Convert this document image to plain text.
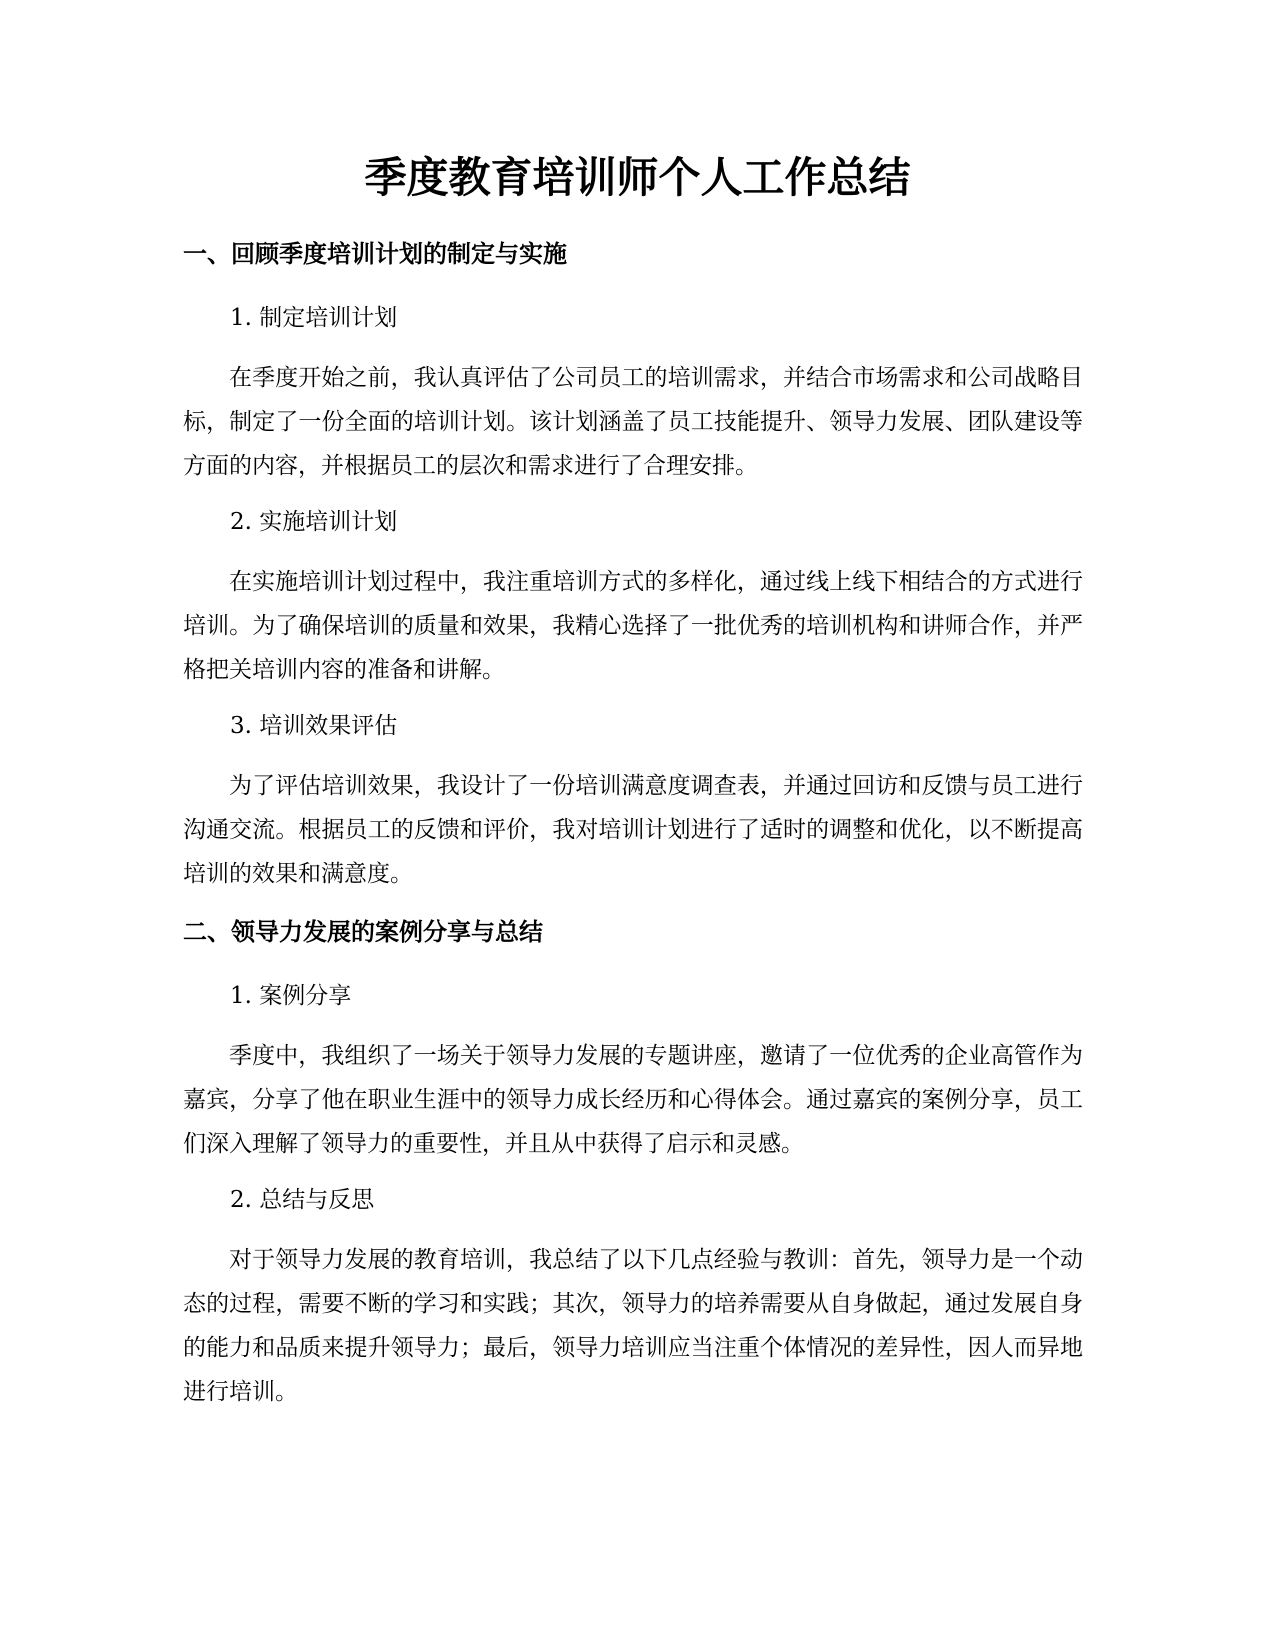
季度教育培训师个人工作总结
一、回顾季度培训计划的制定与实施
1. 制定培训计划

在季度开始之前，我认真评估了公司员工的培训需求，并结合市场需求和公司战略目标，制定了一份全面的培训计划。该计划涵盖了员工技能提升、领导力发展、团队建设等方面的内容，并根据员工的层次和需求进行了合理安排。

2. 实施培训计划

在实施培训计划过程中，我注重培训方式的多样化，通过线上线下相结合的方式进行培训。为了确保培训的质量和效果，我精心选择了一批优秀的培训机构和讲师合作，并严格把关培训内容的准备和讲解。

3. 培训效果评估

为了评估培训效果，我设计了一份培训满意度调查表，并通过回访和反馈与员工进行沟通交流。根据员工的反馈和评价，我对培训计划进行了适时的调整和优化，以不断提高培训的效果和满意度。

二、领导力发展的案例分享与总结
1. 案例分享

季度中，我组织了一场关于领导力发展的专题讲座，邀请了一位优秀的企业高管作为嘉宾，分享了他在职业生涯中的领导力成长经历和心得体会。通过嘉宾的案例分享，员工们深入理解了领导力的重要性，并且从中获得了启示和灵感。

2. 总结与反思

对于领导力发展的教育培训，我总结了以下几点经验与教训：首先，领导力是一个动态的过程，需要不断的学习和实践；其次，领导力的培养需要从自身做起，通过发展自身的能力和品质来提升领导力；最后，领导力培训应当注重个体情况的差异性，因人而异地进行培训。
